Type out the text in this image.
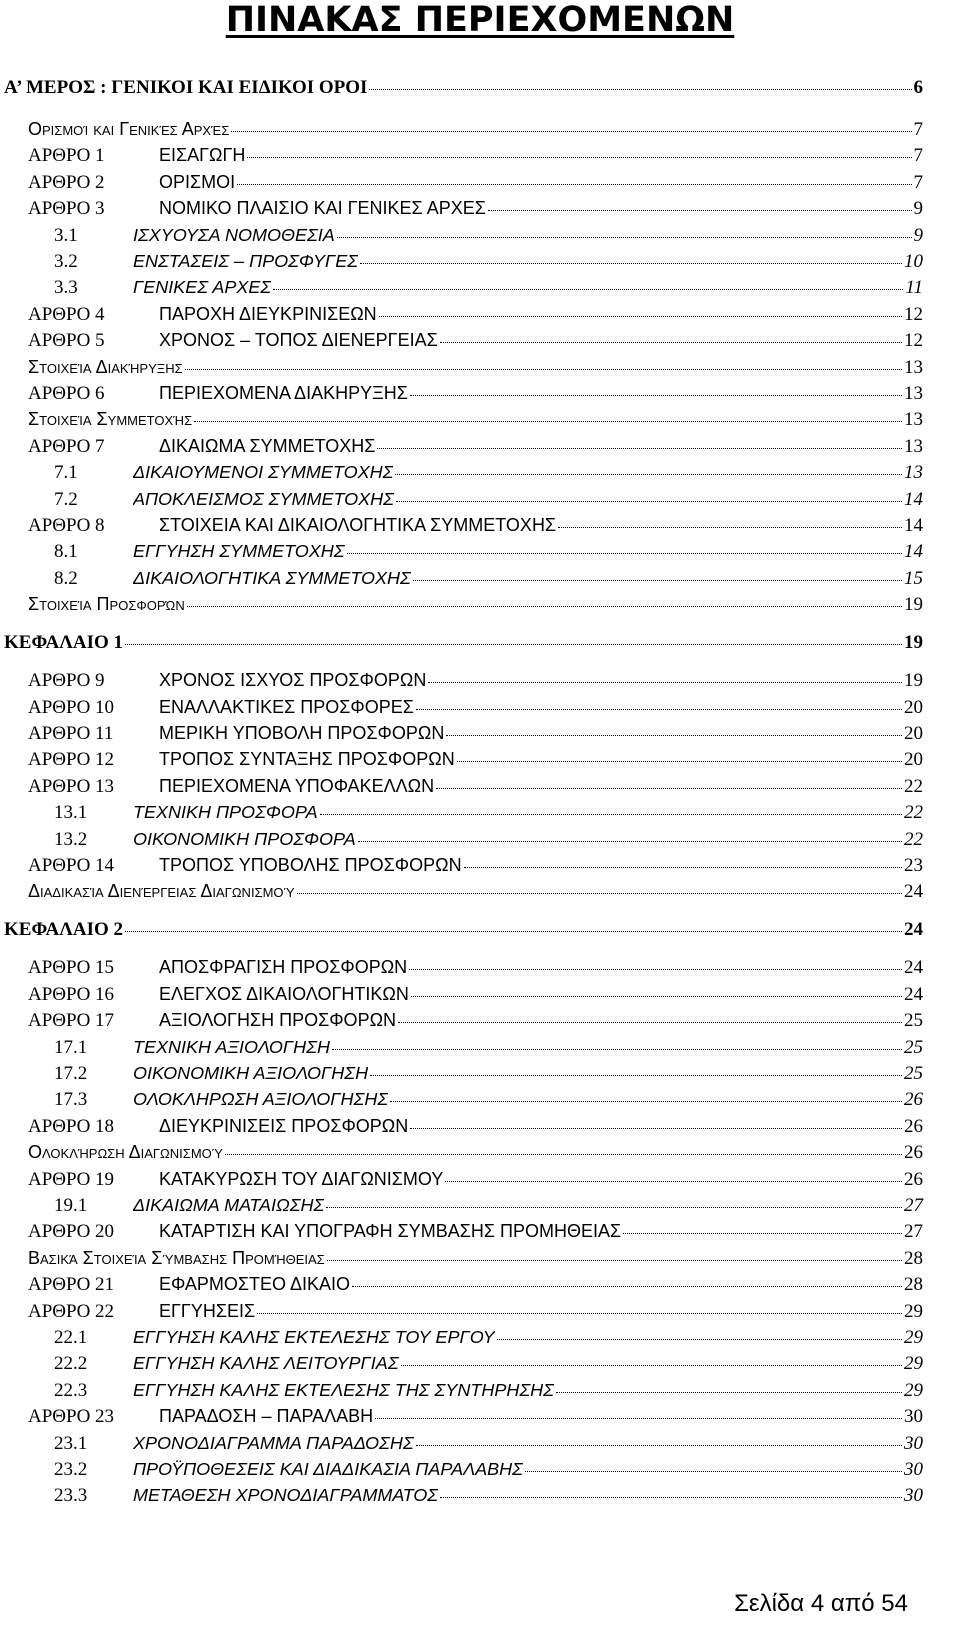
ΠΙΝΑΚΑΣ ΠΕΡΙΕΧΟΜΕΝΩΝ
Α’ ΜΕΡΟΣ : ΓΕΝΙΚΟΙ ΚΑΙ ΕΙΔΙΚΟΙ ΟΡΟΙ	6
Ορισμοί και Γενικές Αρχές	7
ΑΡΘΡΟ 1	ΕΙΣΑΓΩΓΗ	7
ΑΡΘΡΟ 2	ΟΡΙΣΜΟΙ	7
ΑΡΘΡΟ 3	ΝΟΜΙΚΟ ΠΛΑΙΣΙΟ ΚΑΙ ΓΕΝΙΚΕΣ ΑΡΧΕΣ	9
3.1	ΙΣΧΥΟΥΣΑ ΝΟΜΟΘΕΣΙΑ	9
3.2	ΕΝΣΤΑΣΕΙΣ – ΠΡΟΣΦΥΓΕΣ	10
3.3	ΓΕΝΙΚΕΣ ΑΡΧΕΣ	11
ΑΡΘΡΟ 4	ΠΑΡΟΧΗ ΔΙΕΥΚΡΙΝΙΣΕΩΝ	12
ΑΡΘΡΟ 5	ΧΡΟΝΟΣ – ΤΟΠΟΣ ΔΙΕΝΕΡΓΕΙΑΣ	12
Στοιχεία Διακήρυξης	13
ΑΡΘΡΟ 6	ΠΕΡΙΕΧΟΜΕΝΑ ΔΙΑΚΗΡΥΞΗΣ	13
Στοιχεία Συμμετοχής	13
ΑΡΘΡΟ 7	ΔΙΚΑΙΩΜΑ ΣΥΜΜΕΤΟΧΗΣ	13
7.1	ΔΙΚΑΙΟΥΜΕΝΟΙ ΣΥΜΜΕΤΟΧΗΣ	13
7.2	ΑΠΟΚΛΕΙΣΜΟΣ ΣΥΜΜΕΤΟΧΗΣ	14
ΑΡΘΡΟ 8	ΣΤΟΙΧΕΙΑ ΚΑΙ ΔΙΚΑΙΟΛΟΓΗΤΙΚΑ ΣΥΜΜΕΤΟΧΗΣ	14
8.1	ΕΓΓΥΗΣΗ ΣΥΜΜΕΤΟΧΗΣ	14
8.2	ΔΙΚΑΙΟΛΟΓΗΤΙΚΑ ΣΥΜΜΕΤΟΧΗΣ	15
Στοιχεία Προσφορών	19
ΚΕΦΑΛΑΙΟ 1	19
ΑΡΘΡΟ 9	ΧΡΟΝΟΣ ΙΣΧΥΟΣ ΠΡΟΣΦΟΡΩΝ	19
ΑΡΘΡΟ 10	ΕΝΑΛΛΑΚΤΙΚΕΣ ΠΡΟΣΦΟΡΕΣ	20
ΑΡΘΡΟ 11	ΜΕΡΙΚΗ ΥΠΟΒΟΛΗ ΠΡΟΣΦΟΡΩΝ	20
ΑΡΘΡΟ 12	ΤΡΟΠΟΣ ΣΥΝΤΑΞΗΣ ΠΡΟΣΦΟΡΩΝ	20
ΑΡΘΡΟ 13	ΠΕΡΙΕΧΟΜΕΝΑ ΥΠΟΦΑΚΕΛΛΩΝ	22
13.1	ΤΕΧΝΙΚΗ ΠΡΟΣΦΟΡΑ	22
13.2	ΟΙΚΟΝΟΜΙΚΗ ΠΡΟΣΦΟΡΑ	22
ΑΡΘΡΟ 14	ΤΡΟΠΟΣ ΥΠΟΒΟΛΗΣ ΠΡΟΣΦΟΡΩΝ	23
Διαδικασία Διενέργειας Διαγωνισμού	24
ΚΕΦΑΛΑΙΟ 2	24
ΑΡΘΡΟ 15	ΑΠΟΣΦΡΑΓΙΣΗ ΠΡΟΣΦΟΡΩΝ	24
ΑΡΘΡΟ 16	ΕΛΕΓΧΟΣ ΔΙΚΑΙΟΛΟΓΗΤΙΚΩΝ	24
ΑΡΘΡΟ 17	ΑΞΙΟΛΟΓΗΣΗ ΠΡΟΣΦΟΡΩΝ	25
17.1	ΤΕΧΝΙΚΗ ΑΞΙΟΛΟΓΗΣΗ	25
17.2	ΟΙΚΟΝΟΜΙΚΗ ΑΞΙΟΛΟΓΗΣΗ	25
17.3	ΟΛΟΚΛΗΡΩΣΗ ΑΞΙΟΛΟΓΗΣΗΣ	26
ΑΡΘΡΟ 18	ΔΙΕΥΚΡΙΝΙΣΕΙΣ ΠΡΟΣΦΟΡΩΝ	26
Ολοκλήρωση Διαγωνισμού	26
ΑΡΘΡΟ 19	ΚΑΤΑΚΥΡΩΣΗ ΤΟΥ ΔΙΑΓΩΝΙΣΜΟΥ	26
19.1	ΔΙΚΑΙΩΜΑ ΜΑΤΑΙΩΣΗΣ	27
ΑΡΘΡΟ 20	ΚΑΤΑΡΤΙΣΗ ΚΑΙ ΥΠΟΓΡΑΦΗ ΣΥΜΒΑΣΗΣ ΠΡΟΜΗΘΕΙΑΣ	27
Βασικά Στοιχεία Σύμβασης Προμήθειας	28
ΑΡΘΡΟ 21	ΕΦΑΡΜΟΣΤΕΟ ΔΙΚΑΙΟ	28
ΑΡΘΡΟ 22	ΕΓΓΥΗΣΕΙΣ	29
22.1	ΕΓΓΥΗΣΗ ΚΑΛΗΣ ΕΚΤΕΛΕΣΗΣ ΤΟΥ ΕΡΓΟΥ	29
22.2	ΕΓΓΥΗΣΗ ΚΑΛΗΣ ΛΕΙΤΟΥΡΓΙΑΣ	29
22.3	ΕΓΓΥΗΣΗ ΚΑΛΗΣ ΕΚΤΕΛΕΣΗΣ ΤΗΣ ΣΥΝΤΗΡΗΣΗΣ	29
ΑΡΘΡΟ 23	ΠΑΡΑΔΟΣΗ – ΠΑΡΑΛΑΒΗ	30
23.1	ΧΡΟΝΟΔΙΑΓΡΑΜΜΑ ΠΑΡΑΔΟΣΗΣ	30
23.2	ΠΡΟΫΠΟΘΕΣΕΙΣ ΚΑΙ ΔΙΑΔΙΚΑΣΙΑ ΠΑΡΑΛΑΒΗΣ	30
23.3	ΜΕΤΑΘΕΣΗ ΧΡΟΝΟΔΙΑΓΡΑΜΜΑΤΟΣ	30
Σελίδα 4 από 54
